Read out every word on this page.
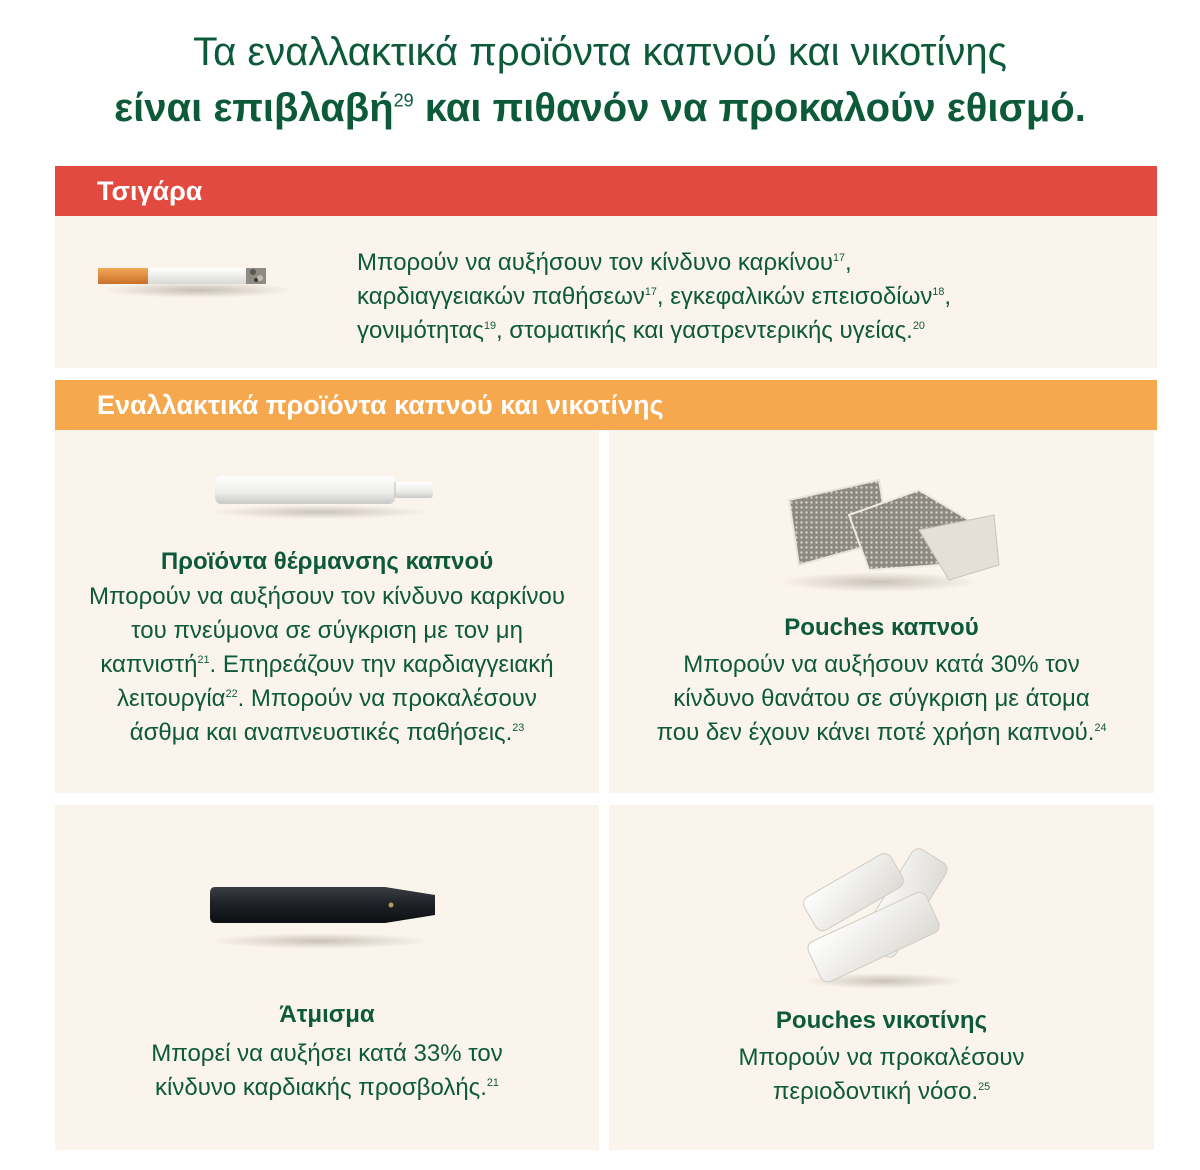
Τα εναλλακτικά προϊόντα καπνού και νικοτίνης
είναι επιβλαβή$^{29}$ και πιθανόν να προκαλούν εθισμό.
Τσιγάρα
Μπορούν να αυξήσουν τον κίνδυνο καρκίνου$^{17}$,
καρδιαγγειακών παθήσεων$^{17}$, εγκεφαλικών επεισοδίων$^{18}$,
γονιμότητας$^{19}$, στοματικής και γαστρεντερικής υγείας.$^{20}$
Εναλλακτικά προϊόντα καπνού και νικοτίνης
Προϊόντα θέρμανσης καπνού
Μπορούν να αυξήσουν τον κίνδυνο καρκίνου
του πνεύμονα σε σύγκριση με τον μη
καπνιστή$^{21}$. Επηρεάζουν την καρδιαγγειακή
λειτουργία$^{22}$. Μπορούν να προκαλέσουν
άσθμα και αναπνευστικές παθήσεις.$^{23}$
Pouches καπνού
Μπορούν να αυξήσουν κατά 30% τον
κίνδυνο θανάτου σε σύγκριση με άτομα
που δεν έχουν κάνει ποτέ χρήση καπνού.$^{24}$
Άτμισμα
Μπορεί να αυξήσει κατά 33% τον
κίνδυνο καρδιακής προσβολής.$^{21}$
Pouches νικοτίνης
Μπορούν να προκαλέσουν
περιοδοντική νόσο.$^{25}$
